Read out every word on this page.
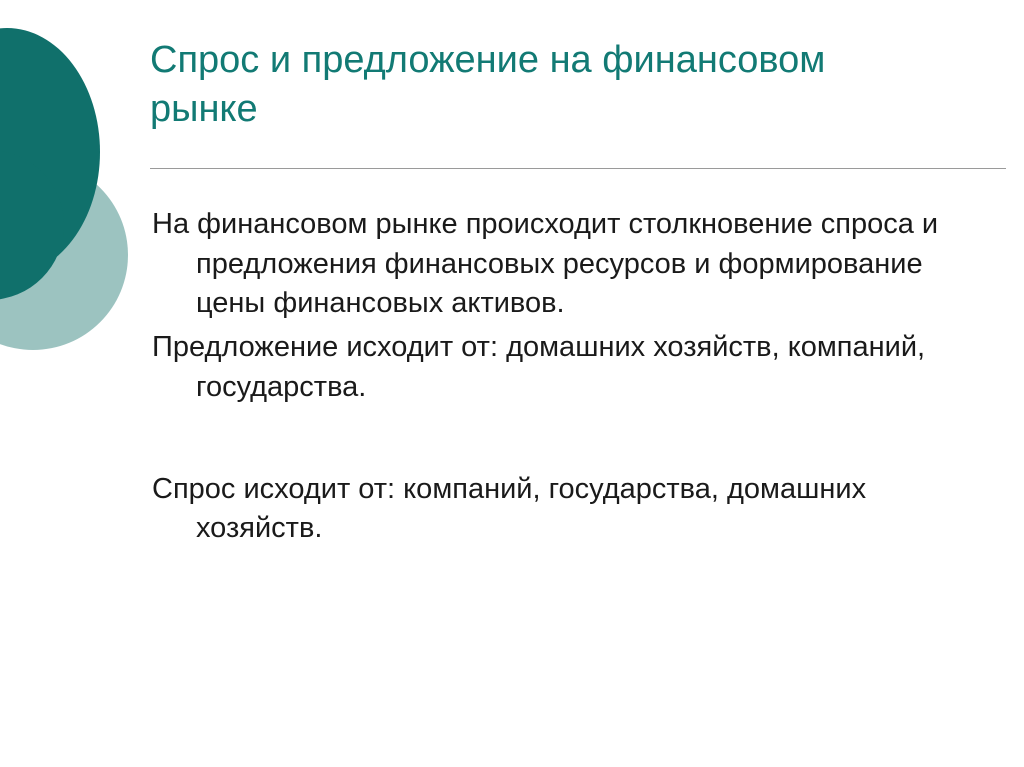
Спрос и предложение на финансовом рынке

На финансовом рынке происходит столкновение спроса и предложения финансовых ресурсов и формирование цены финансовых активов.

Предложение исходит от: домашних хозяйств, компаний, государства.

Спрос исходит от: компаний, государства, домашних хозяйств.
